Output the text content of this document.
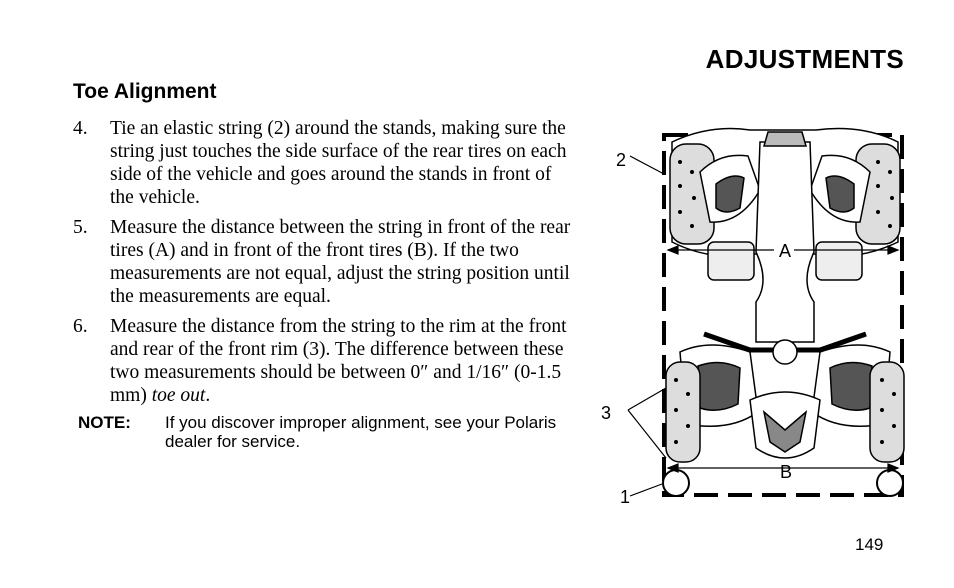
ADJUSTMENTS
Toe Alignment
4.	Tie an elastic string (2) around the stands, making sure the string just touches the side surface of the rear tires on each side of the vehicle and goes around the stands in front of the vehicle.
5.	Measure the distance between the string in front of the rear tires (A) and in front of the front tires (B). If the two measurements are not equal, adjust the string position until the measurements are equal.
6.	Measure the distance from the string to the rim at the front and rear of the front rim (3). The difference between these two measurements should be between 0″ and 1/16″ (0-1.5 mm) toe out.
NOTE:	If you discover improper alignment, see your Polaris dealer for service.
2
3
1
A
B
149
